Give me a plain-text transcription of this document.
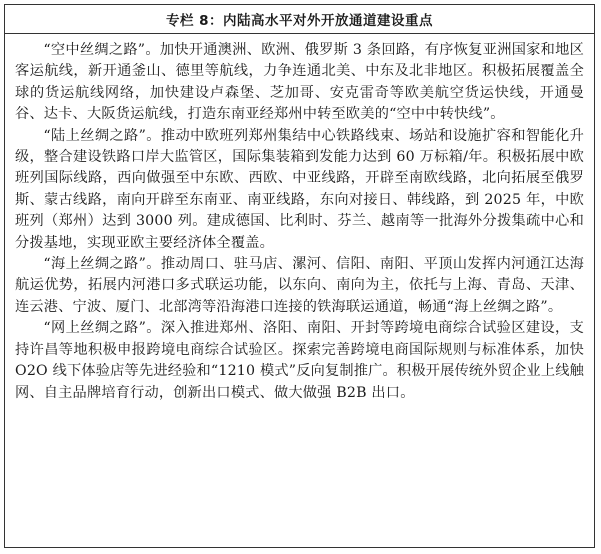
专栏 8：内陆高水平对外开放通道建设重点

“空中丝绸之路”。加快开通澳洲、欧洲、俄罗斯 3 条回路，有序恢复亚洲国家和地区客运航线，新开通釜山、德里等航线，力争连通北美、中东及北非地区。积极拓展覆盖全球的货运航线网络，加快建设卢森堡、芝加哥、安克雷奇等欧美航空货运快线，开通曼谷、达卡、大阪货运航线，打造东南亚经郑州中转至欧美的“空中中转快线”。

“陆上丝绸之路”。推动中欧班列郑州集结中心铁路线束、场站和设施扩容和智能化升级，整合建设铁路口岸大监管区，国际集装箱到发能力达到 60 万标箱/年。积极拓展中欧班列国际线路，西向做强至中东欧、西欧、中亚线路，开辟至南欧线路，北向拓展至俄罗斯、蒙古线路，南向开辟至东南亚、南亚线路，东向对接日、韩线路，到 2025 年，中欧班列（郑州）达到 3000 列。建成德国、比利时、芬兰、越南等一批海外分拨集疏中心和分拨基地，实现亚欧主要经济体全覆盖。

“海上丝绸之路”。推动周口、驻马店、漯河、信阳、南阳、平顶山发挥内河通江达海航运优势，拓展内河港口多式联运功能，以东向、南向为主，依托与上海、青岛、天津、连云港、宁波、厦门、北部湾等沿海港口连接的铁海联运通道，畅通“海上丝绸之路”。

“网上丝绸之路”。深入推进郑州、洛阳、南阳、开封等跨境电商综合试验区建设，支持许昌等地积极申报跨境电商综合试验区。探索完善跨境电商国际规则与标准体系，加快 O2O 线下体验店等先进经验和“1210 模式”反向复制推广。积极开展传统外贸企业上线触网、自主品牌培育行动，创新出口模式、做大做强 B2B 出口。
